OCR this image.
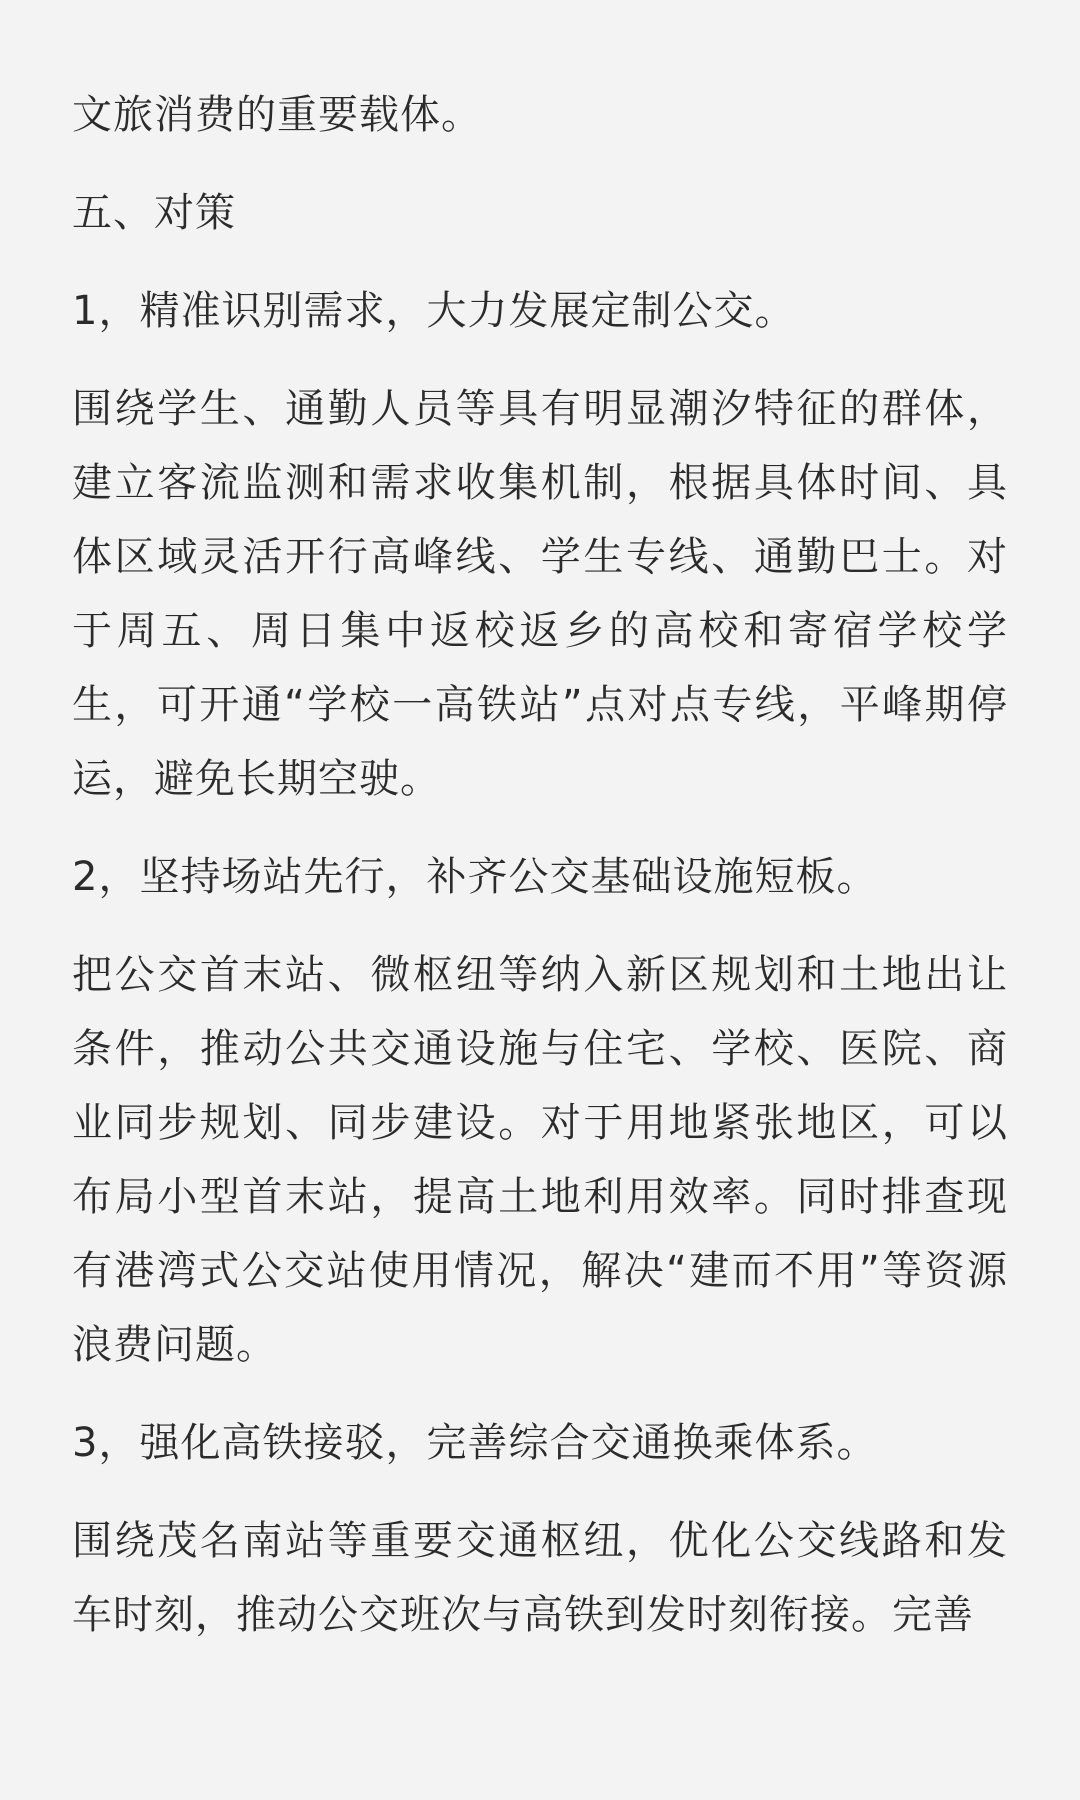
文旅消费的重要载体。

五、对策

1，精准识别需求，大力发展定制公交。

围绕学生、通勤人员等具有明显潮汐特征的群体，建立客流监测和需求收集机制，根据具体时间、具体区域灵活开行高峰线、学生专线、通勤巴士。对于周五、周日集中返校返乡的高校和寄宿学校学生，可开通“学校一高铁站”点对点专线，平峰期停运，避免长期空驶。

2，坚持场站先行，补齐公交基础设施短板。

把公交首末站、微枢纽等纳入新区规划和土地出让条件，推动公共交通设施与住宅、学校、医院、商业同步规划、同步建设。对于用地紧张地区，可以布局小型首末站，提高土地利用效率。同时排查现有港湾式公交站使用情况，解决“建而不用”等资源浪费问题。

3，强化高铁接驳，完善综合交通换乘体系。

围绕茂名南站等重要交通枢纽，优化公交线路和发车时刻，推动公交班次与高铁到发时刻衔接。完善
